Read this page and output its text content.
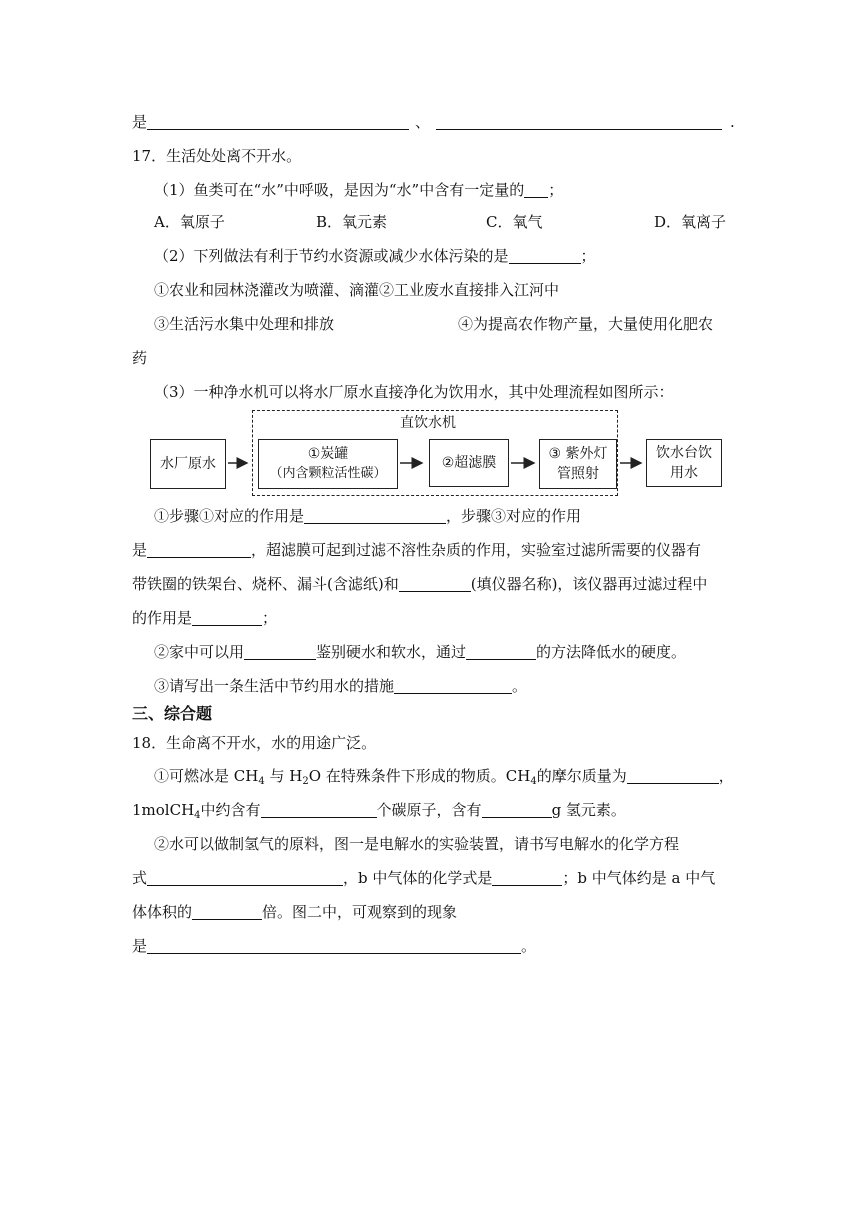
是	、	.
17．生活处处离不开水。
（1）鱼类可在“水”中呼吸，是因为“水”中含有一定量的 ；
A．氧原子	B．氧元素	C．氧气	D．氧离子
（2）下列做法有利于节约水资源或减少水体污染的是	；
①农业和园林浇灌改为喷灌、滴灌②工业废水直接排入江河中
③生活污水集中处理和排放	④为提高农作物产量，大量使用化肥农
药
（3）一种净水机可以将水厂原水直接净化为饮用水，其中处理流程如图所示：
直饮水机
水厂原水
①炭罐
（内含颗粒活性碳）
②超滤膜
③ 紫外灯
管照射
饮水台饮
用水
①步骤①对应的作用是	，步骤③对应的作用
是	，超滤膜可起到过滤不溶性杂质的作用，实验室过滤所需要的仪器有
带铁圈的铁架台、烧杯、漏斗(含滤纸)和	(填仪器名称)，该仪器再过滤过程中
的作用是	；
②家中可以用	鉴别硬水和软水，通过	的方法降低水的硬度。
③请写出一条生活中节约用水的措施	。
三、综合题
18．生命离不开水，水的用途广泛。
①可燃冰是 $CH_4$ 与 $H_2O$ 在特殊条件下形成的物质。$CH_4$的摩尔质量为	，
1molCH$_4$中约含有	个碳原子，含有	g 氢元素。
②水可以做制氢气的原料，图一是电解水的实验装置，请书写电解水的化学方程
式	，b 中气体的化学式是	；b 中气体约是 a 中气
体体积的	倍。图二中，可观察到的现象
是	。
